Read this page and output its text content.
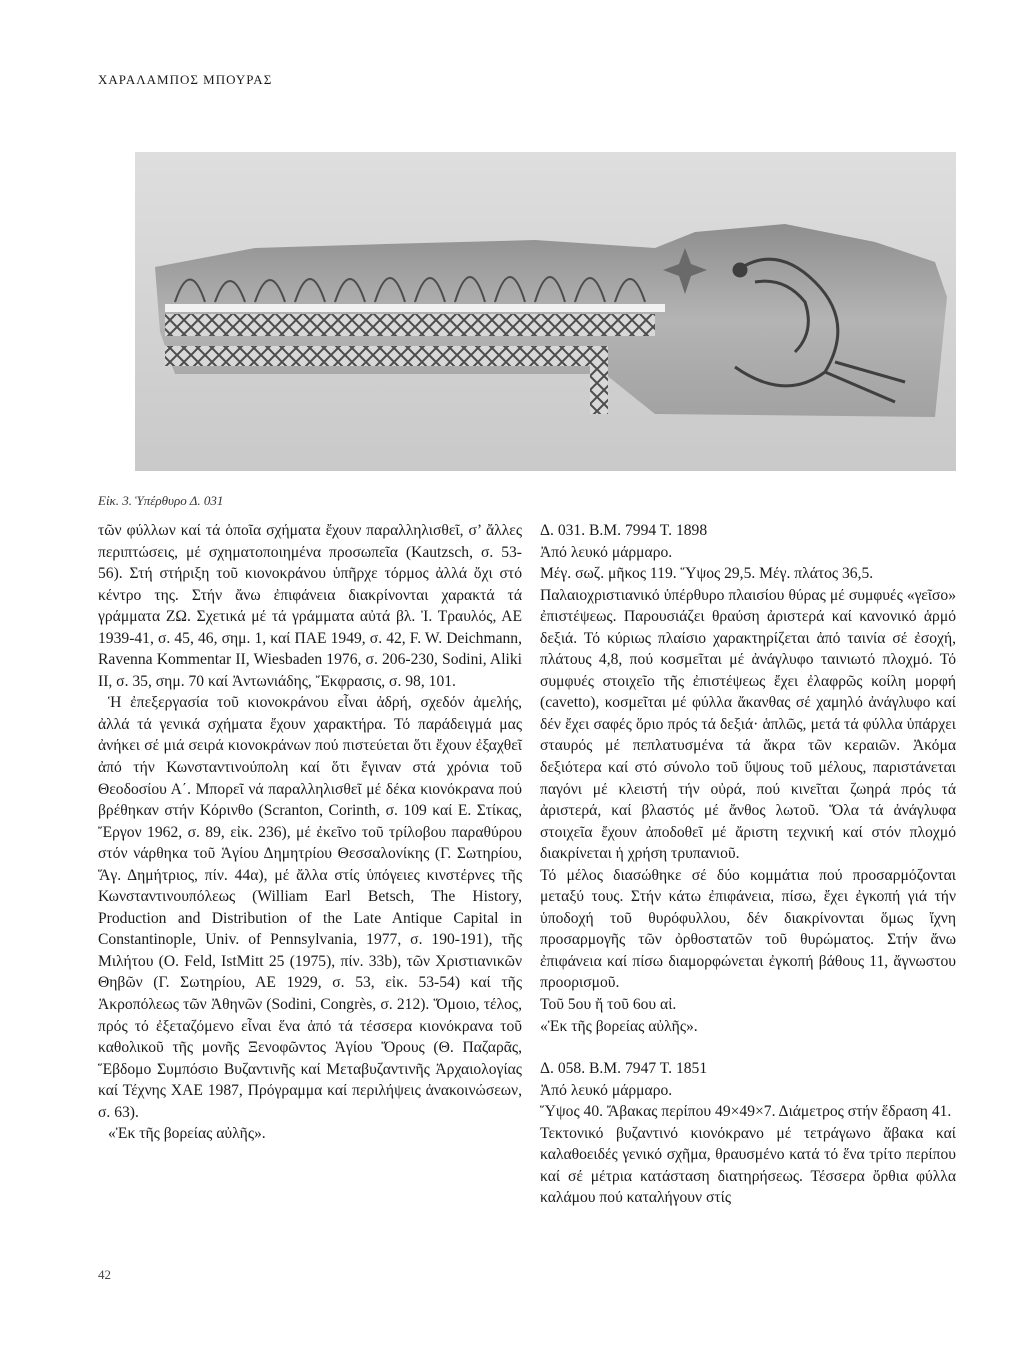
ΧΑΡΑΛΑΜΠΟΣ ΜΠΟΥΡΑΣ
Εἰκ. 3. Ὑπέρθυρο Δ. 031

τῶν φύλλων καί τά ὁποῖα σχήματα ἔχουν παραλληλισθεῖ, σ’ ἄλλες περιπτώσεις, μέ σχηματοποιημένα προσωπεῖα (Kautzsch, σ. 53-56). Στή στήριξη τοῦ κιονοκράνου ὑπῆρχε τόρμος ἀλλά ὄχι στό κέντρο της. Στήν ἄνω ἐπιφάνεια διακρίνονται χαρακτά τά γράμματα ZΩ. Σχετικά μέ τά γράμματα αὐτά βλ. Ἰ. Τραυλός, ΑΕ 1939-41, σ. 45, 46, σημ. 1, καί ΠΑΕ 1949, σ. 42, F. W. Deichmann, Ravenna Kommentar II, Wiesbaden 1976, σ. 206-230, Sodini, Aliki II, σ. 35, σημ. 70 καί Ἀντωνιάδης, Ἔκφρασις, σ. 98, 101.

Ἡ ἐπεξεργασία τοῦ κιονοκράνου εἶναι ἀδρή, σχεδόν ἀμελής, ἀλλά τά γενικά σχήματα ἔχουν χαρακτήρα. Τό παράδειγμά μας ἀνήκει σέ μιά σειρά κιονοκράνων πού πιστεύεται ὅτι ἔχουν ἐξαχθεῖ ἀπό τήν Κωνσταντινούπολη καί ὅτι ἔγιναν στά χρόνια τοῦ Θεοδοσίου Α΄. Μπορεῖ νά παραλληλισθεῖ μέ δέκα κιονόκρανα πού βρέθηκαν στήν Κόρινθο (Scranton, Corinth, σ. 109 καί Ε. Στίκας, Ἔργον 1962, σ. 89, εἰκ. 236), μέ ἐκεῖνο τοῦ τρίλοβου παραθύρου στόν νάρθηκα τοῦ Ἁγίου Δημητρίου Θεσσαλονίκης (Γ. Σωτηρίου, Ἅγ. Δημήτριος, πίν. 44α), μέ ἄλλα στίς ὑπόγειες κινστέρνες τῆς Κωνσταντινουπόλεως (William Earl Betsch, The History, Production and Distribution of the Late Antique Capital in Constantinople, Univ. of Pennsylvania, 1977, σ. 190-191), τῆς Μιλήτου (O. Feld, IstMitt 25 (1975), πίν. 33b), τῶν Χριστιανικῶν Θηβῶν (Γ. Σωτηρίου, ΑΕ 1929, σ. 53, εἰκ. 53-54) καί τῆς Ἀκροπόλεως τῶν Ἀθηνῶν (Sodini, Congrès, σ. 212). Ὅμοιο, τέλος, πρός τό ἐξεταζόμενο εἶναι ἕνα ἀπό τά τέσσερα κιονόκρανα τοῦ καθολικοῦ τῆς μονῆς Ξενοφῶντος Ἁγίου Ὄρους (Θ. Παζαρᾶς, Ἕβδομο Συμπόσιο Βυζαντινῆς καί Μεταβυζαντινῆς Ἀρχαιολογίας καί Τέχνης ΧΑΕ 1987, Πρόγραμμα καί περιλήψεις ἀνακοινώσεων, σ. 63).

«Ἐκ τῆς βορείας αὐλῆς».

Δ. 031. Β.Μ. 7994 Τ. 1898

Ἀπό λευκό μάρμαρο.

Μέγ. σωζ. μῆκος 119. Ὕψος 29,5. Μέγ. πλάτος 36,5.

Παλαιοχριστιανικό ὑπέρθυρο πλαισίου θύρας μέ συμφυές «γεῖσο» ἐπιστέψεως. Παρουσιάζει θραύση ἀριστερά καί κανονικό ἁρμό δεξιά. Τό κύριως πλαίσιο χαρακτηρίζεται ἀπό ταινία σέ ἐσοχή, πλάτους 4,8, πού κοσμεῖται μέ ἀνάγλυφο ταινιωτό πλοχμό. Τό συμφυές στοιχεῖο τῆς ἐπιστέψεως ἔχει ἐλαφρῶς κοίλη μορφή (cavetto), κοσμεῖται μέ φύλλα ἄκανθας σέ χαμηλό ἀνάγλυφο καί δέν ἔχει σαφές ὅριο πρός τά δεξιά· ἁπλῶς, μετά τά φύλλα ὑπάρχει σταυρός μέ πεπλατυσμένα τά ἄκρα τῶν κεραιῶν. Ἀκόμα δεξιότερα καί στό σύνολο τοῦ ὕψους τοῦ μέλους, παριστάνεται παγόνι μέ κλειστή τήν οὐρά, πού κινεῖται ζωηρά πρός τά ἀριστερά, καί βλαστός μέ ἄνθος λωτοῦ. Ὅλα τά ἀνάγλυφα στοιχεῖα ἔχουν ἀποδοθεῖ μέ ἄριστη τεχνική καί στόν πλοχμό διακρίνεται ἡ χρήση τρυπανιοῦ.

Τό μέλος διασώθηκε σέ δύο κομμάτια πού προσαρμόζονται μεταξύ τους. Στήν κάτω ἐπιφάνεια, πίσω, ἔχει ἐγκοπή γιά τήν ὑποδοχή τοῦ θυρόφυλλου, δέν διακρίνονται ὅμως ἴχνη προσαρμογῆς τῶν ὀρθοστατῶν τοῦ θυρώματος. Στήν ἄνω ἐπιφάνεια καί πίσω διαμορφώνεται ἐγκοπή βάθους 11, ἄγνωστου προορισμοῦ.

Τοῦ 5ου ἤ τοῦ 6ου αἰ.

«Ἐκ τῆς βορείας αὐλῆς».

Δ. 058. Β.Μ. 7947 Τ. 1851

Ἀπό λευκό μάρμαρο.

Ὕψος 40. Ἄβακας περίπου 49×49×7. Διάμετρος στήν ἕδραση 41.

Τεκτονικό βυζαντινό κιονόκρανο μέ τετράγωνο ἄβακα καί καλαθοειδές γενικό σχῆμα, θραυσμένο κατά τό ἕνα τρίτο περίπου καί σέ μέτρια κατάσταση διατηρήσεως. Τέσσερα ὄρθια φύλλα καλάμου πού καταλήγουν στίς

42
